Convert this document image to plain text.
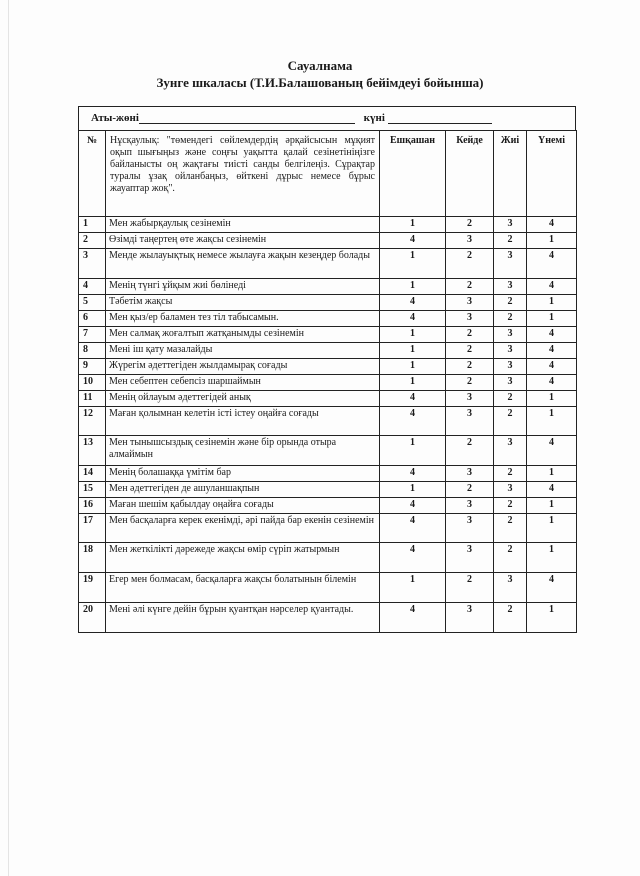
Сауалнама
Зунге шкаласы (Т.И.Балашованың бейімдеуі бойынша)
Аты-жөні	күні
№	Нұсқаулық: "төмендегі сөйлемдердің әрқайсысын мұқият оқып шығыңыз және соңғы уақытта қалай сезінетініңізге байланысты оң жақтағы тиісті санды белгілеңіз. Сұрақтар туралы ұзақ ойланбаңыз, өйткені дұрыс немесе бұрыс жауаптар жоқ".	Ешқашан	Кейде	Жиі	Үнемі
1	Мен жабырқаулық сезінемін	1	2	3	4
2	Өзімді таңертең өте жақсы сезінемін	4	3	2	1
3	Менде жылауықтық немесе жылауға жақын кезеңдер болады	1	2	3	4
4	Менің түнгі ұйқым жиі бөлінеді	1	2	3	4
5	Тәбетім жақсы	4	3	2	1
6	Мен қыз/ер баламен тез тіл табысамын.	4	3	2	1
7	Мен салмақ жоғалтып жатқанымды сезінемін	1	2	3	4
8	Мені іш қату мазалайды	1	2	3	4
9	Жүрегім әдеттегіден жылдамырақ соғады	1	2	3	4
10	Мен себептен себепсіз шаршаймын	1	2	3	4
11	Менің ойлауым әдеттегідей анық	4	3	2	1
12	Маған қолымнан келетін істі істеу оңайға соғады	4	3	2	1
13	Мен тынышсыздық сезінемін және бір орында отыра алмаймын	1	2	3	4
14	Менің болашаққа үмітім бар	4	3	2	1
15	Мен әдеттегіден де ашуланшақпын	1	2	3	4
16	Маған шешім қабылдау оңайға соғады	4	3	2	1
17	Мен басқаларға керек екенімді, әрі пайда бар екенін сезінемін	4	3	2	1
18	Мен жеткілікті дәрежеде жақсы өмір сүріп жатырмын	4	3	2	1
19	Егер мен болмасам, басқаларға жақсы болатынын білемін	1	2	3	4
20	Мені әлі күнге дейін бұрын қуантқан нәрселер қуантады.	4	3	2	1
